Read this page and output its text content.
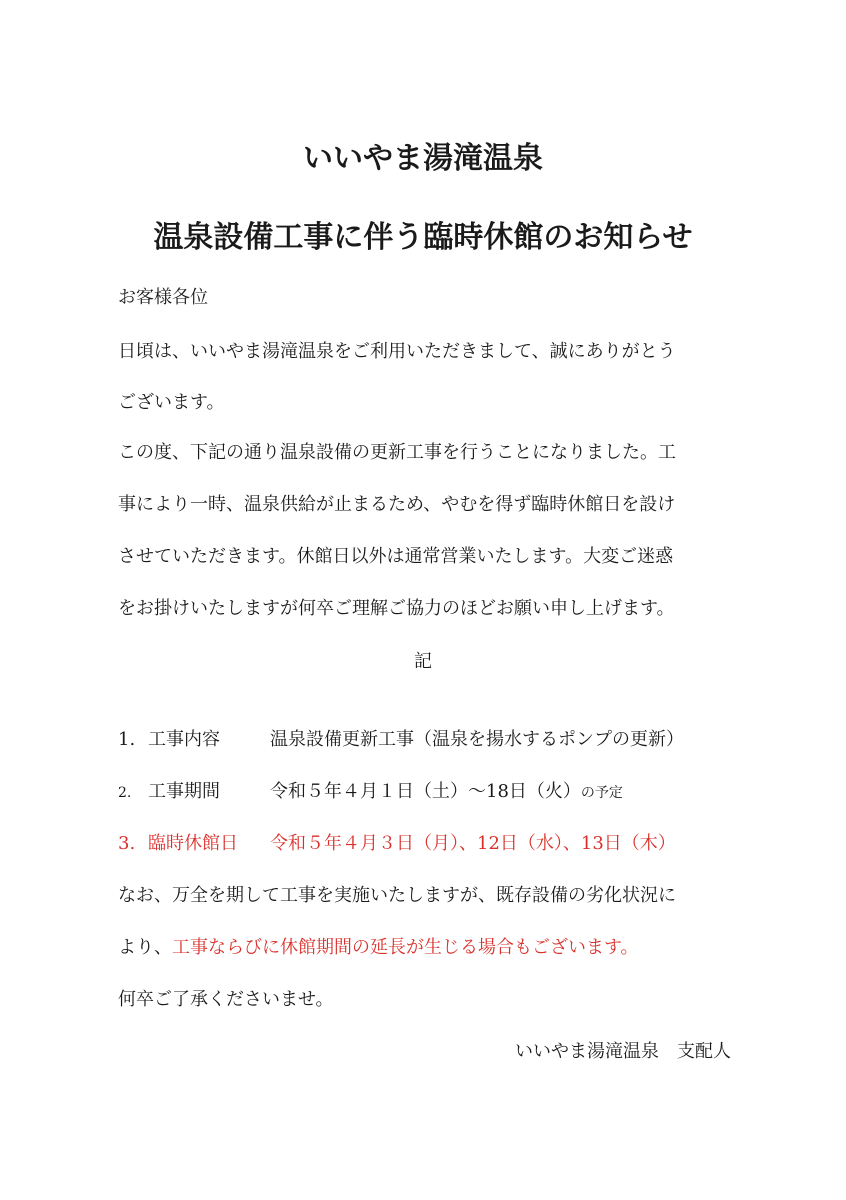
いいやま湯滝温泉
温泉設備工事に伴う臨時休館のお知らせ
お客様各位
日頃は、いいやま湯滝温泉をご利用いただきまして、誠にありがとう
ございます。
この度、下記の通り温泉設備の更新工事を行うことになりました。工
事により一時、温泉供給が止まるため、やむを得ず臨時休館日を設け
させていただきます。休館日以外は通常営業いたします。大変ご迷惑
をお掛けいたしますが何卒ご理解ご協力のほどお願い申し上げます。
記
1. 工事内容	温泉設備更新工事（温泉を揚水するポンプの更新）
2. 工事期間	令和５年４月１日（土）～18日（火）の予定
3. 臨時休館日 令和５年４月３日（月）、12日（水）、13日（木）
なお、万全を期して工事を実施いたしますが、既存設備の劣化状況に
より、工事ならびに休館期間の延長が生じる場合もございます。
何卒ご了承くださいませ。
いいやま湯滝温泉　支配人
